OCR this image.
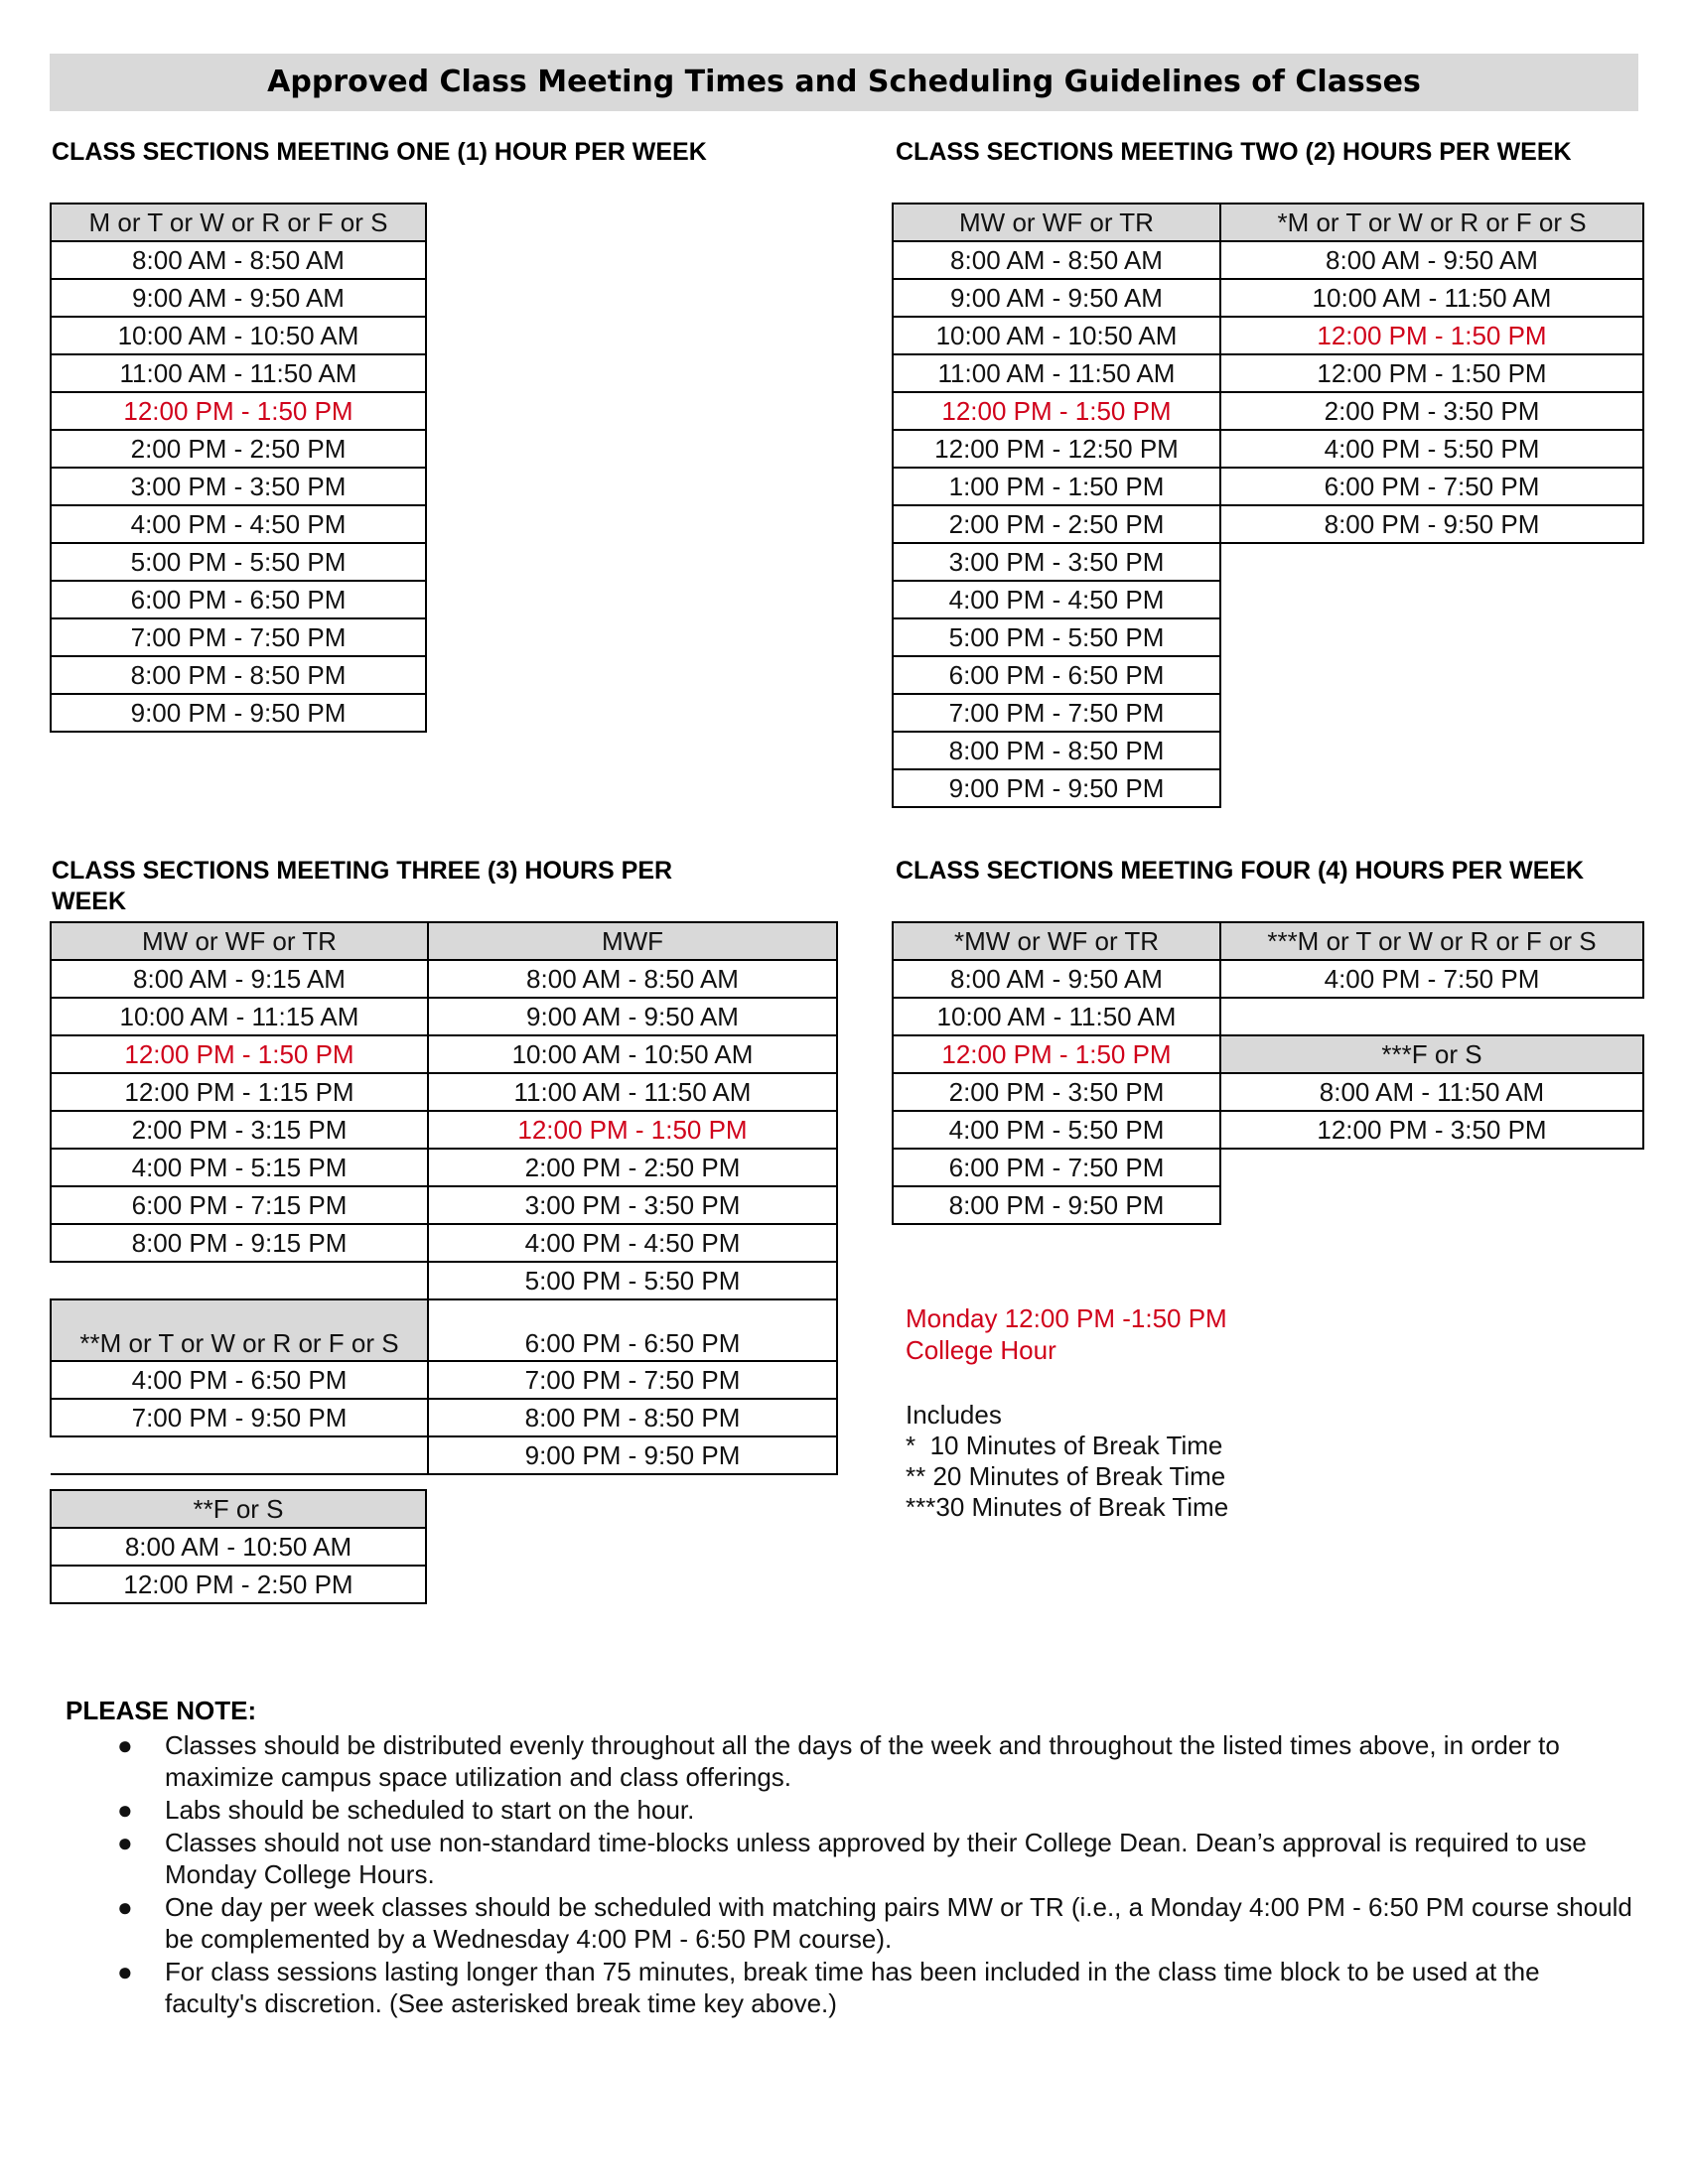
Approved Class Meeting Times and Scheduling Guidelines of Classes
CLASS SECTIONS MEETING ONE (1) HOUR PER WEEK
M or T or W or R or F or S
8:00 AM - 8:50 AM
9:00 AM - 9:50 AM
10:00 AM - 10:50 AM
11:00 AM - 11:50 AM
12:00 PM - 1:50 PM
2:00 PM - 2:50 PM
3:00 PM - 3:50 PM
4:00 PM - 4:50 PM
5:00 PM - 5:50 PM
6:00 PM - 6:50 PM
7:00 PM - 7:50 PM
8:00 PM - 8:50 PM
9:00 PM - 9:50 PM
CLASS SECTIONS MEETING TWO (2) HOURS PER WEEK
MW or WF or TR	*M or T or W or R or F or S
8:00 AM - 8:50 AM	8:00 AM - 9:50 AM
9:00 AM - 9:50 AM	10:00 AM - 11:50 AM
10:00 AM - 10:50 AM	12:00 PM - 1:50 PM
11:00 AM - 11:50 AM	12:00 PM - 1:50 PM
12:00 PM - 1:50 PM	2:00 PM - 3:50 PM
12:00 PM - 12:50 PM	4:00 PM - 5:50 PM
1:00 PM - 1:50 PM	6:00 PM - 7:50 PM
2:00 PM - 2:50 PM	8:00 PM - 9:50 PM
3:00 PM - 3:50 PM	
4:00 PM - 4:50 PM	
5:00 PM - 5:50 PM	
6:00 PM - 6:50 PM	
7:00 PM - 7:50 PM	
8:00 PM - 8:50 PM	
9:00 PM - 9:50 PM	
CLASS SECTIONS MEETING THREE (3) HOURS PER WEEK
MW or WF or TR	MWF
8:00 AM - 9:15 AM	8:00 AM - 8:50 AM
10:00 AM - 11:15 AM	9:00 AM - 9:50 AM
12:00 PM - 1:50 PM	10:00 AM - 10:50 AM
12:00 PM - 1:15 PM	11:00 AM - 11:50 AM
2:00 PM - 3:15 PM	12:00 PM - 1:50 PM
4:00 PM - 5:15 PM	2:00 PM - 2:50 PM
6:00 PM - 7:15 PM	3:00 PM - 3:50 PM
8:00 PM - 9:15 PM	4:00 PM - 4:50 PM
	5:00 PM - 5:50 PM
**M or T or W or R or F or S	6:00 PM - 6:50 PM
4:00 PM - 6:50 PM	7:00 PM - 7:50 PM
7:00 PM - 9:50 PM	8:00 PM - 8:50 PM
	9:00 PM - 9:50 PM
**F or S
8:00 AM - 10:50 AM
12:00 PM - 2:50 PM
CLASS SECTIONS MEETING FOUR (4) HOURS PER WEEK
*MW or WF or TR	***M or T or W or R or F or S
8:00 AM - 9:50 AM	4:00 PM - 7:50 PM
10:00 AM - 11:50 AM	
12:00 PM - 1:50 PM	***F or S
2:00 PM - 3:50 PM	8:00 AM - 11:50 AM
4:00 PM - 5:50 PM	12:00 PM - 3:50 PM
6:00 PM - 7:50 PM	
8:00 PM - 9:50 PM	
Monday 12:00 PM -1:50 PM
College Hour
Includes
*  10 Minutes of Break Time
** 20 Minutes of Break Time
***30 Minutes of Break Time
PLEASE NOTE:
● Classes should be distributed evenly throughout all the days of the week and throughout the listed times above, in order to maximize campus space utilization and class offerings.
● Labs should be scheduled to start on the hour.
● Classes should not use non-standard time-blocks unless approved by their College Dean. Dean’s approval is required to use Monday College Hours.
● One day per week classes should be scheduled with matching pairs MW or TR (i.e., a Monday 4:00 PM - 6:50 PM course should be complemented by a Wednesday 4:00 PM - 6:50 PM course).
● For class sessions lasting longer than 75 minutes, break time has been included in the class time block to be used at the faculty's discretion. (See asterisked break time key above.)
